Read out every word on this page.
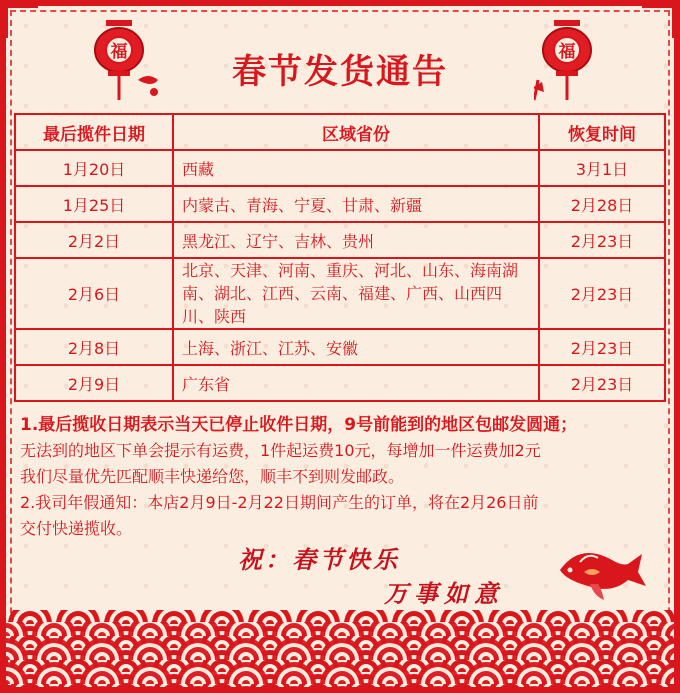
福	福
春节发货通告
最后揽件日期	区域省份	恢复时间
1月20日	西藏	3月1日
1月25日	内蒙古、青海、宁夏、甘肃、新疆	2月28日
2月2日	黑龙江、辽宁、吉林、贵州	2月23日
2月6日	北京、天津、河南、重庆、河北、山东、海南湖南、湖北、江西、云南、福建、广西、山西四川、陕西	2月23日
2月8日	上海、浙江、江苏、安徽	2月23日
2月9日	广东省	2月23日
1.最后揽收日期表示当天已停止收件日期，9号前能到的地区包邮发圆通；
无法到的地区下单会提示有运费，1件起运费10元，每增加一件运费加2元
我们尽量优先匹配顺丰快递给您，顺丰不到则发邮政。
2.我司年假通知：本店2月9日-2月22日期间产生的订单，将在2月26日前
交付快递揽收。
祝：春节快乐
万事如意
